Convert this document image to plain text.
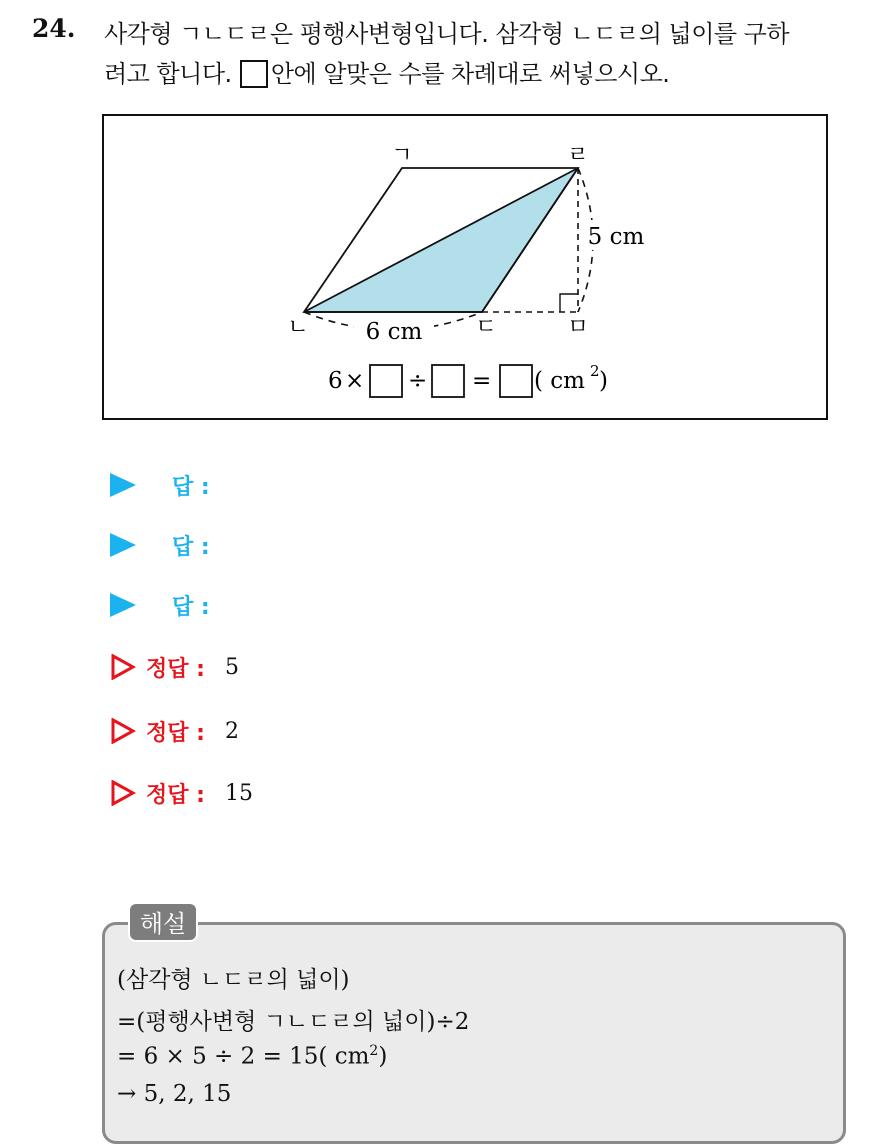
24. 사각형 ㄱㄴㄷㄹ은 평행사변형입니다. 삼각형 ㄴㄷㄹ의 넓이를 구하
려고 합니다. 안에 알맞은 수를 차례대로 써넣으시오.
ㄱ	ㄹ
ㄴ	ㄷ	ㅁ
6 cm
5 cm
6 × ÷ = ( cm 2 )
답 :
답 :
답 :
정답 : 5
정답 : 2
정답 : 15
(삼각형 ㄴㄷㄹ의 넓이)
=(평행사변형 ㄱㄴㄷㄹ의 넓이)÷2
= 6 × 5 ÷ 2 = 15( $cm^2$)
→ 5, 2, 15
해설
